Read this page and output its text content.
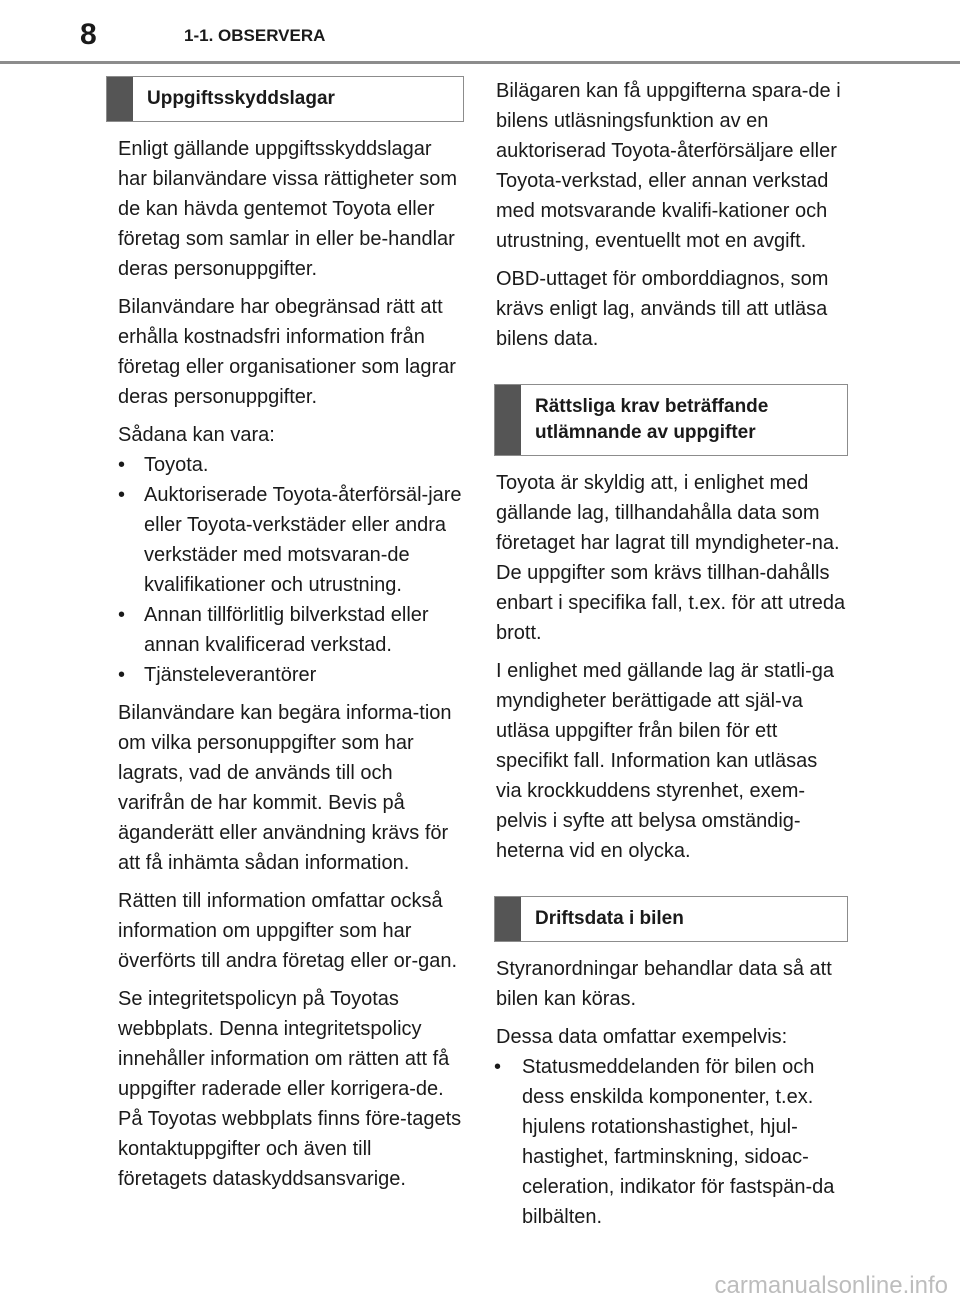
8	1-1. OBSERVERA
Uppgiftsskyddslagar

Enligt gällande uppgiftsskyddslagar har bilanvändare vissa rättigheter som de kan hävda gentemot Toyota eller företag som samlar in eller be-handlar deras personuppgifter.

Bilanvändare har obegränsad rätt att erhålla kostnadsfri information från företag eller organisationer som lagrar deras personuppgifter.

Sådana kan vara:

• Toyota.
• Auktoriserade Toyota-återförsäl-jare eller Toyota-verkstäder eller andra verkstäder med motsvaran-de kvalifikationer och utrustning.
• Annan tillförlitlig bilverkstad eller annan kvalificerad verkstad.
• Tjänsteleverantörer

Bilanvändare kan begära informa-tion om vilka personuppgifter som har lagrats, vad de används till och varifrån de har kommit. Bevis på äganderätt eller användning krävs för att få inhämta sådan information.

Rätten till information omfattar också information om uppgifter som har överförts till andra företag eller or-gan.

Se integritetspolicyn på Toyotas webbplats. Denna integritetspolicy innehåller information om rätten att få uppgifter raderade eller korrigera-de. På Toyotas webbplats finns före-tagets kontaktuppgifter och även till företagets dataskyddsansvarige.

Bilägaren kan få uppgifterna spara-de i bilens utläsningsfunktion av en auktoriserad Toyota-återförsäljare eller Toyota-verkstad, eller annan verkstad med motsvarande kvalifi-kationer och utrustning, eventuellt mot en avgift.

OBD-uttaget för omborddiagnos, som krävs enligt lag, används till att utläsa bilens data.

Rättsliga krav beträffande utlämnande av uppgifter

Toyota är skyldig att, i enlighet med gällande lag, tillhandahålla data som företaget har lagrat till myndigheter-na. De uppgifter som krävs tillhan-dahålls enbart i specifika fall, t.ex. för att utreda brott.

I enlighet med gällande lag är statli-ga myndigheter berättigade att själ-va utläsa uppgifter från bilen för ett specifikt fall. Information kan utläsas via krockkuddens styrenhet, exem-pelvis i syfte att belysa omständig-heterna vid en olycka.

Driftsdata i bilen

Styranordningar behandlar data så att bilen kan köras.

Dessa data omfattar exempelvis:

• Statusmeddelanden för bilen och dess enskilda komponenter, t.ex. hjulens rotationshastighet, hjul-hastighet, fartminskning, sidoac-celeration, indikator för fastspän-da bilbälten.
carmanualsonline.info
